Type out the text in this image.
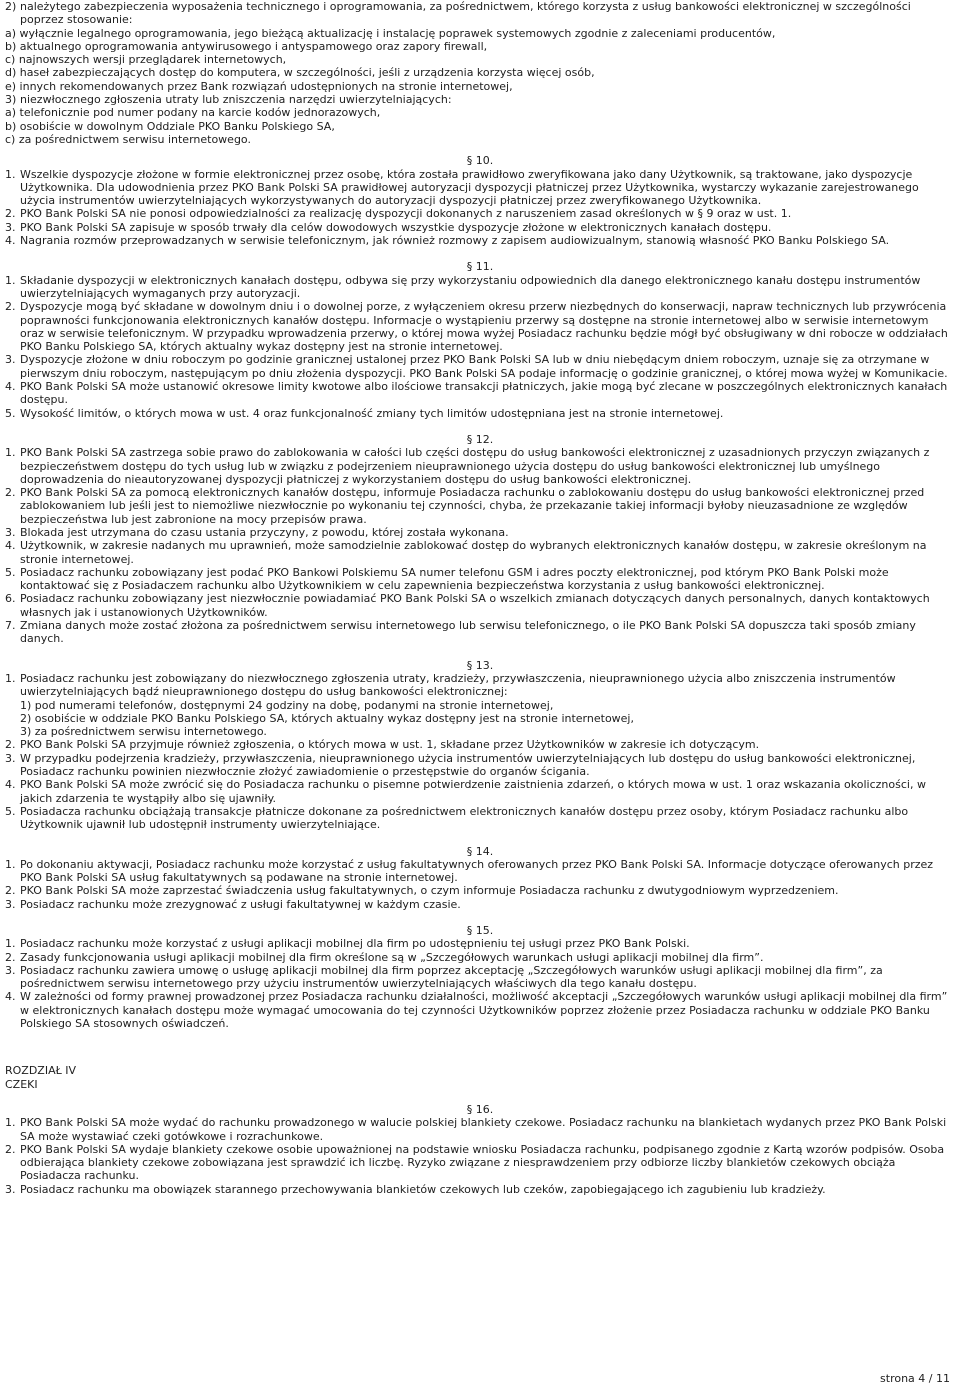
2) należytego zabezpieczenia wyposażenia technicznego i oprogramowania, za pośrednictwem, którego korzysta z usług bankowości elektronicznej w szczególności poprzez stosowanie:

a) wyłącznie legalnego oprogramowania, jego bieżącą aktualizację i instalację poprawek systemowych zgodnie z zaleceniami producentów,

b) aktualnego oprogramowania antywirusowego i antyspamowego oraz zapory firewall,

c) najnowszych wersji przeglądarek internetowych,

d) haseł zabezpieczających dostęp do komputera, w szczególności, jeśli z urządzenia korzysta więcej osób,

e) innych rekomendowanych przez Bank rozwiązań udostępnionych na stronie internetowej,

3) niezwłocznego zgłoszenia utraty lub zniszczenia narzędzi uwierzytelniających:

a) telefonicznie pod numer podany na karcie kodów jednorazowych,

b) osobiście w dowolnym Oddziale PKO Banku Polskiego SA,

c) za pośrednictwem serwisu internetowego.

§ 10.

1. Wszelkie dyspozycje złożone w formie elektronicznej przez osobę, która została prawidłowo zweryfikowana jako dany Użytkownik, są traktowane, jako dyspozycje Użytkownika. Dla udowodnienia przez PKO Bank Polski SA prawidłowej autoryzacji dyspozycji płatniczej przez Użytkownika, wystarczy wykazanie zarejestrowanego użycia instrumentów uwierzytelniających wykorzystywanych do autoryzacji dyspozycji płatniczej przez zweryfikowanego Użytkownika.
2. PKO Bank Polski SA nie ponosi odpowiedzialności za realizację dyspozycji dokonanych z naruszeniem zasad określonych w § 9 oraz w ust. 1.
3. PKO Bank Polski SA zapisuje w sposób trwały dla celów dowodowych wszystkie dyspozycje złożone w elektronicznych kanałach dostępu.
4. Nagrania rozmów przeprowadzanych w serwisie telefonicznym, jak również rozmowy z zapisem audiowizualnym, stanowią własność PKO Banku Polskiego SA.

§ 11.

1. Składanie dyspozycji w elektronicznych kanałach dostępu, odbywa się przy wykorzystaniu odpowiednich dla danego elektronicznego kanału dostępu instrumentów uwierzytelniających wymaganych przy autoryzacji.
2. Dyspozycje mogą być składane w dowolnym dniu i o dowolnej porze, z wyłączeniem okresu przerw niezbędnych do konserwacji, napraw technicznych lub przywrócenia poprawności funkcjonowania elektronicznych kanałów dostępu. Informacje o wystąpieniu przerwy są dostępne na stronie internetowej albo w serwisie internetowym oraz w serwisie telefonicznym. W przypadku wprowadzenia przerwy, o której mowa wyżej Posiadacz rachunku będzie mógł być obsługiwany w dni robocze w oddziałach PKO Banku Polskiego SA, których aktualny wykaz dostępny jest na stronie internetowej.
3. Dyspozycje złożone w dniu roboczym po godzinie granicznej ustalonej przez PKO Bank Polski SA lub w dniu niebędącym dniem roboczym, uznaje się za otrzymane w pierwszym dniu roboczym, następującym po dniu złożenia dyspozycji. PKO Bank Polski SA podaje informację o godzinie granicznej, o której mowa wyżej w Komunikacie.
4. PKO Bank Polski SA może ustanowić okresowe limity kwotowe albo ilościowe transakcji płatniczych, jakie mogą być zlecane w poszczególnych elektronicznych kanałach dostępu.
5. Wysokość limitów, o których mowa w ust. 4 oraz funkcjonalność zmiany tych limitów udostępniana jest na stronie internetowej.

§ 12.

1. PKO Bank Polski SA zastrzega sobie prawo do zablokowania w całości lub części dostępu do usług bankowości elektronicznej z uzasadnionych przyczyn związanych z bezpieczeństwem dostępu do tych usług lub w związku z podejrzeniem nieuprawnionego użycia dostępu do usług bankowości elektronicznej lub umyślnego doprowadzenia do nieautoryzowanej dyspozycji płatniczej z wykorzystaniem dostępu do usług bankowości elektronicznej.
2. PKO Bank Polski SA za pomocą elektronicznych kanałów dostępu, informuje Posiadacza rachunku o zablokowaniu dostępu do usług bankowości elektronicznej przed zablokowaniem lub jeśli jest to niemożliwe niezwłocznie po wykonaniu tej czynności, chyba, że przekazanie takiej informacji byłoby nieuzasadnione ze względów bezpieczeństwa lub jest zabronione na mocy przepisów prawa.
3. Blokada jest utrzymana do czasu ustania przyczyny, z powodu, której została wykonana.
4. Użytkownik, w zakresie nadanych mu uprawnień, może samodzielnie zablokować dostęp do wybranych elektronicznych kanałów dostępu, w zakresie określonym na stronie internetowej.
5. Posiadacz rachunku zobowiązany jest podać PKO Bankowi Polskiemu SA numer telefonu GSM i adres poczty elektronicznej, pod którym PKO Bank Polski może kontaktować się z Posiadaczem rachunku albo Użytkownikiem w celu zapewnienia bezpieczeństwa korzystania z usług bankowości elektronicznej.
6. Posiadacz rachunku zobowiązany jest niezwłocznie powiadamiać PKO Bank Polski SA o wszelkich zmianach dotyczących danych personalnych, danych kontaktowych własnych jak i ustanowionych Użytkowników.
7. Zmiana danych może zostać złożona za pośrednictwem serwisu internetowego lub serwisu telefonicznego, o ile PKO Bank Polski SA dopuszcza taki sposób zmiany danych.

§ 13.

1. Posiadacz rachunku jest zobowiązany do niezwłocznego zgłoszenia utraty, kradzieży, przywłaszczenia, nieuprawnionego użycia albo zniszczenia instrumentów uwierzytelniających bądź nieuprawnionego dostępu do usług bankowości elektronicznej:
1) pod numerami telefonów, dostępnymi 24 godziny na dobę, podanymi na stronie internetowej,
2) osobiście w oddziale PKO Banku Polskiego SA, których aktualny wykaz dostępny jest na stronie internetowej,
3) za pośrednictwem serwisu internetowego.
2. PKO Bank Polski SA przyjmuje również zgłoszenia, o których mowa w ust. 1, składane przez Użytkowników w zakresie ich dotyczącym.
3. W przypadku podejrzenia kradzieży, przywłaszczenia, nieuprawnionego użycia instrumentów uwierzytelniających lub dostępu do usług bankowości elektronicznej, Posiadacz rachunku powinien niezwłocznie złożyć zawiadomienie o przestępstwie do organów ścigania.
4. PKO Bank Polski SA może zwrócić się do Posiadacza rachunku o pisemne potwierdzenie zaistnienia zdarzeń, o których mowa w ust. 1 oraz wskazania okoliczności, w jakich zdarzenia te wystąpiły albo się ujawniły.
5. Posiadacza rachunku obciążają transakcje płatnicze dokonane za pośrednictwem elektronicznych kanałów dostępu przez osoby, którym Posiadacz rachunku albo Użytkownik ujawnił lub udostępnił instrumenty uwierzytelniające.

§ 14.

1. Po dokonaniu aktywacji, Posiadacz rachunku może korzystać z usług fakultatywnych oferowanych przez PKO Bank Polski SA. Informacje dotyczące oferowanych przez PKO Bank Polski SA usług fakultatywnych są podawane na stronie internetowej.
2. PKO Bank Polski SA może zaprzestać świadczenia usług fakultatywnych, o czym informuje Posiadacza rachunku z dwutygodniowym wyprzedzeniem.
3. Posiadacz rachunku może zrezygnować z usługi fakultatywnej w każdym czasie.

§ 15.

1. Posiadacz rachunku może korzystać z usługi aplikacji mobilnej dla firm po udostępnieniu tej usługi przez PKO Bank Polski.
2. Zasady funkcjonowania usługi aplikacji mobilnej dla firm określone są w „Szczegółowych warunkach usługi aplikacji mobilnej dla firm”.
3. Posiadacz rachunku zawiera umowę o usługę aplikacji mobilnej dla firm poprzez akceptację „Szczegółowych warunków usługi aplikacji mobilnej dla firm”, za pośrednictwem serwisu internetowego przy użyciu instrumentów uwierzytelniających właściwych dla tego kanału dostępu.
4. W zależności od formy prawnej prowadzonej przez Posiadacza rachunku działalności, możliwość akceptacji „Szczegółowych warunków usługi aplikacji mobilnej dla firm” w elektronicznych kanałach dostępu może wymagać umocowania do tej czynności Użytkowników poprzez złożenie przez Posiadacza rachunku w oddziale PKO Banku Polskiego SA stosownych oświadczeń.

ROZDZIAŁ IV

CZEKI

§ 16.

1. PKO Bank Polski SA może wydać do rachunku prowadzonego w walucie polskiej blankiety czekowe. Posiadacz rachunku na blankietach wydanych przez PKO Bank Polski SA może wystawiać czeki gotówkowe i rozrachunkowe.
2. PKO Bank Polski SA wydaje blankiety czekowe osobie upoważnionej na podstawie wniosku Posiadacza rachunku, podpisanego zgodnie z Kartą wzorów podpisów. Osoba odbierająca blankiety czekowe zobowiązana jest sprawdzić ich liczbę. Ryzyko związane z niesprawdzeniem przy odbiorze liczby blankietów czekowych obciąża Posiadacza rachunku.
3. Posiadacz rachunku ma obowiązek starannego przechowywania blankietów czekowych lub czeków, zapobiegającego ich zagubieniu lub kradzieży.
strona 4 / 11
